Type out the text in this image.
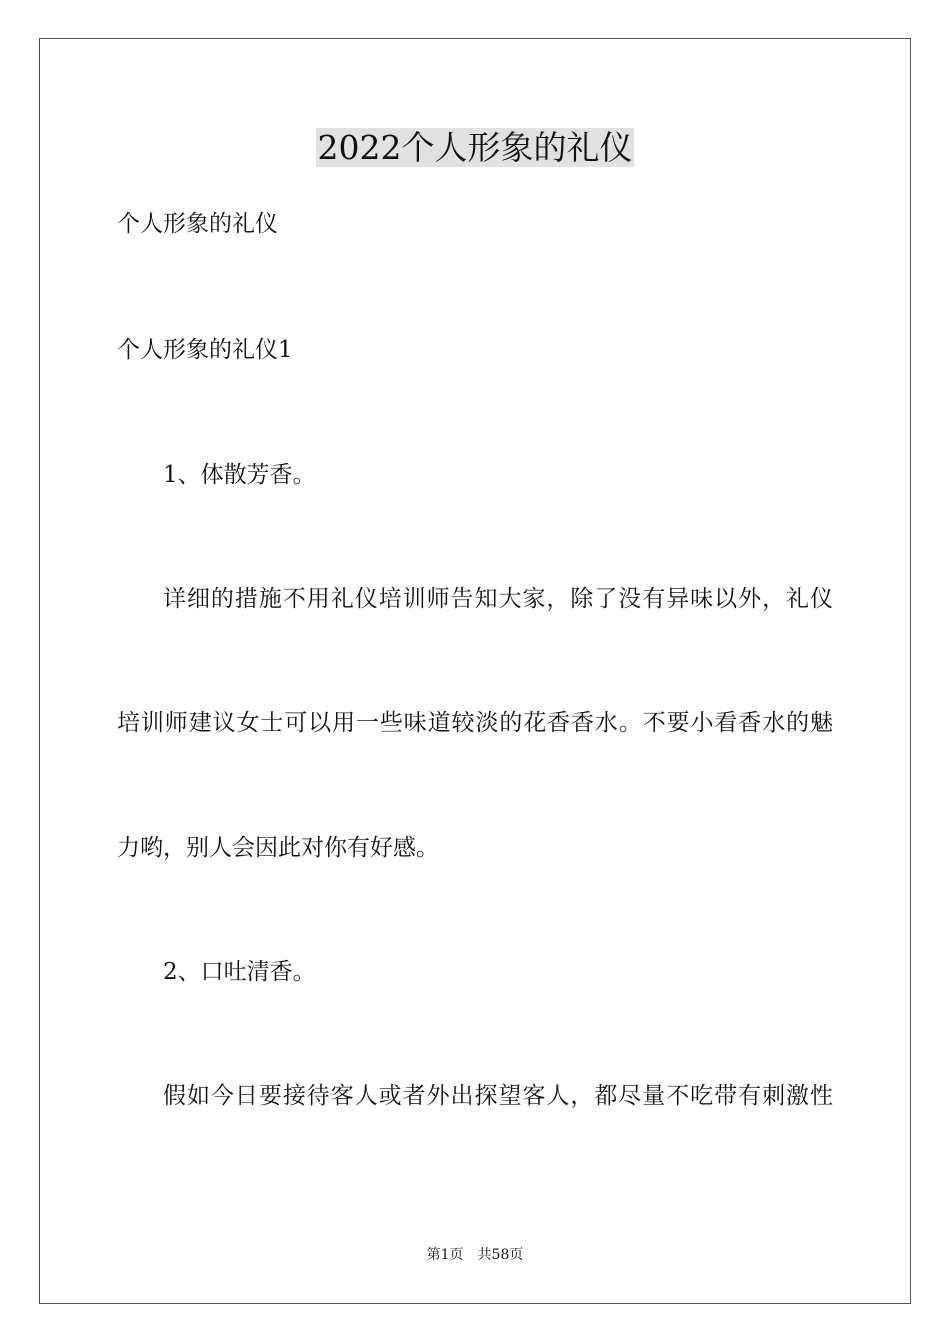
2022个人形象的礼仪
个人形象的礼仪
个人形象的礼仪1
1、体散芳香。
详细的措施不用礼仪培训师告知大家，除了没有异味以外，礼仪
培训师建议女士可以用一些味道较淡的花香香水。不要小看香水的魅
力哟，别人会因此对你有好感。
2、口吐清香。
假如今日要接待客人或者外出探望客人，都尽量不吃带有刺激性
第1页 共58页
